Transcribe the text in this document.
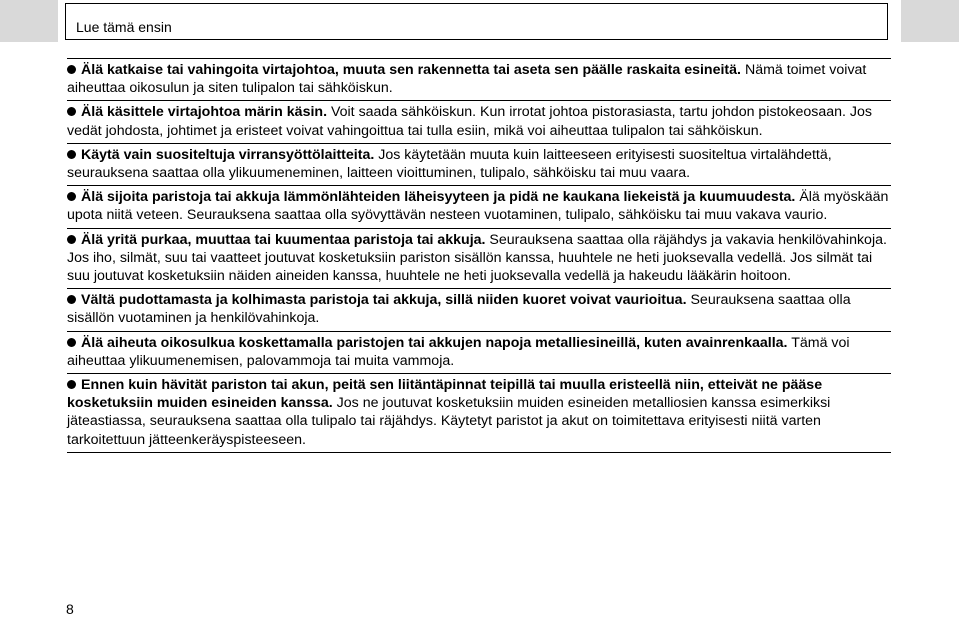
Lue tämä ensin
Älä katkaise tai vahingoita virtajohtoa, muuta sen rakennetta tai aseta sen päälle raskaita esineitä. Nämä toimet voivat aiheuttaa oikosulun ja siten tulipalon tai sähköiskun.
Älä käsittele virtajohtoa märin käsin. Voit saada sähköiskun. Kun irrotat johtoa pistorasiasta, tartu johdon pistokeosaan. Jos vedät johdosta, johtimet ja eristeet voivat vahingoittua tai tulla esiin, mikä voi aiheuttaa tulipalon tai sähköiskun.
Käytä vain suositeltuja virransyöttölaitteita. Jos käytetään muuta kuin laitteeseen erityisesti suositeltua virtalähdettä, seurauksena saattaa olla ylikuumeneminen, laitteen vioittuminen, tulipalo, sähköisku tai muu vaara.
Älä sijoita paristoja tai akkuja lämmönlähteiden läheisyyteen ja pidä ne kaukana liekeistä ja kuumuudesta. Älä myöskään upota niitä veteen. Seurauksena saattaa olla syövyttävän nesteen vuotaminen, tulipalo, sähköisku tai muu vakava vaurio.
Älä yritä purkaa, muuttaa tai kuumentaa paristoja tai akkuja. Seurauksena saattaa olla räjähdys ja vakavia henkilövahinkoja. Jos iho, silmät, suu tai vaatteet joutuvat kosketuksiin pariston sisällön kanssa, huuhtele ne heti juoksevalla vedellä. Jos silmät tai suu joutuvat kosketuksiin näiden aineiden kanssa, huuhtele ne heti juoksevalla vedellä ja hakeudu lääkärin hoitoon.
Vältä pudottamasta ja kolhimasta paristoja tai akkuja, sillä niiden kuoret voivat vaurioitua. Seurauksena saattaa olla sisällön vuotaminen ja henkilövahinkoja.
Älä aiheuta oikosulkua koskettamalla paristojen tai akkujen napoja metalliesineillä, kuten avainrenkaalla. Tämä voi aiheuttaa ylikuumenemisen, palovammoja tai muita vammoja.
Ennen kuin hävität pariston tai akun, peitä sen liitäntäpinnat teipillä tai muulla eristeellä niin, etteivät ne pääse kosketuksiin muiden esineiden kanssa. Jos ne joutuvat kosketuksiin muiden esineiden metalliosien kanssa esimerkiksi jäteastiassa, seurauksena saattaa olla tulipalo tai räjähdys. Käytetyt paristot ja akut on toimitettava erityisesti niitä varten tarkoitettuun jätteenkeräyspisteeseen.
8
